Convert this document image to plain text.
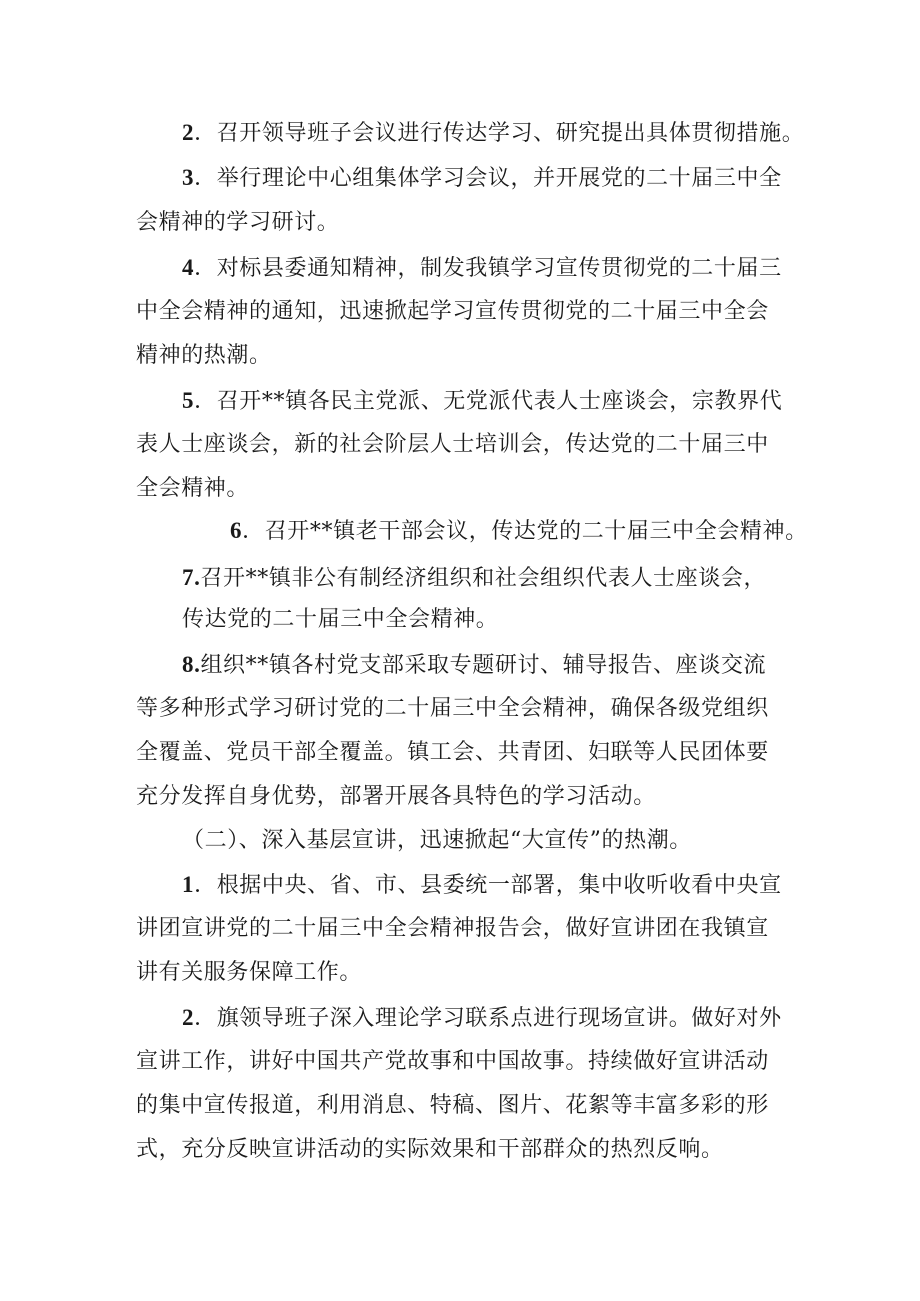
2．召开领导班子会议进行传达学习、研究提出具体贯彻措施。
3．举行理论中心组集体学习会议，并开展党的二十届三中全
会精神的学习研讨。
4．对标县委通知精神，制发我镇学习宣传贯彻党的二十届三
中全会精神的通知，迅速掀起学习宣传贯彻党的二十届三中全会
精神的热潮。
5．召开**镇各民主党派、无党派代表人士座谈会，宗教界代
表人士座谈会，新的社会阶层人士培训会，传达党的二十届三中
全会精神。
6．召开**镇老干部会议，传达党的二十届三中全会精神。
7.召开**镇非公有制经济组织和社会组织代表人士座谈会，
传达党的二十届三中全会精神。
8.组织**镇各村党支部采取专题研讨、辅导报告、座谈交流
等多种形式学习研讨党的二十届三中全会精神，确保各级党组织
全覆盖、党员干部全覆盖。镇工会、共青团、妇联等人民团体要
充分发挥自身优势，部署开展各具特色的学习活动。
（二）、深入基层宣讲，迅速掀起“大宣传”的热潮。
1．根据中央、省、市、县委统一部署，集中收听收看中央宣
讲团宣讲党的二十届三中全会精神报告会，做好宣讲团在我镇宣
讲有关服务保障工作。
2．旗领导班子深入理论学习联系点进行现场宣讲。做好对外
宣讲工作，讲好中国共产党故事和中国故事。持续做好宣讲活动
的集中宣传报道，利用消息、特稿、图片、花絮等丰富多彩的形
式，充分反映宣讲活动的实际效果和干部群众的热烈反响。
